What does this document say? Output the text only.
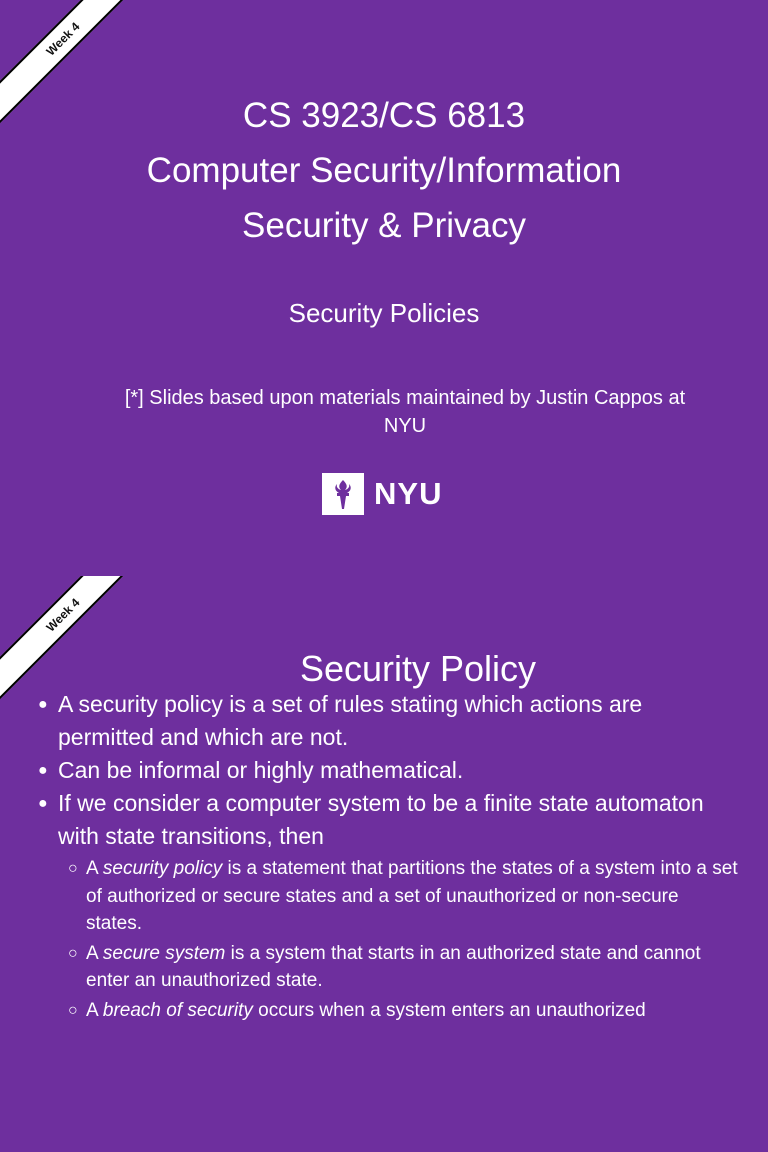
Week 4
CS 3923/CS 6813
Computer Security/Information
Security & Privacy
Security Policies
[*] Slides based upon materials maintained by Justin Cappos at NYU
NYU
Week 4
Security Policy
● A security policy is a set of rules stating which actions are permitted and which are not.
● Can be informal or highly mathematical.
● If we consider a computer system to be a finite state automaton with state transitions, then
○ A security policy is a statement that partitions the states of a system into a set of authorized or secure states and a set of unauthorized or non-secure states.
○ A secure system is a system that starts in an authorized state and cannot enter an unauthorized state.
○ A breach of security occurs when a system enters an unauthorized
